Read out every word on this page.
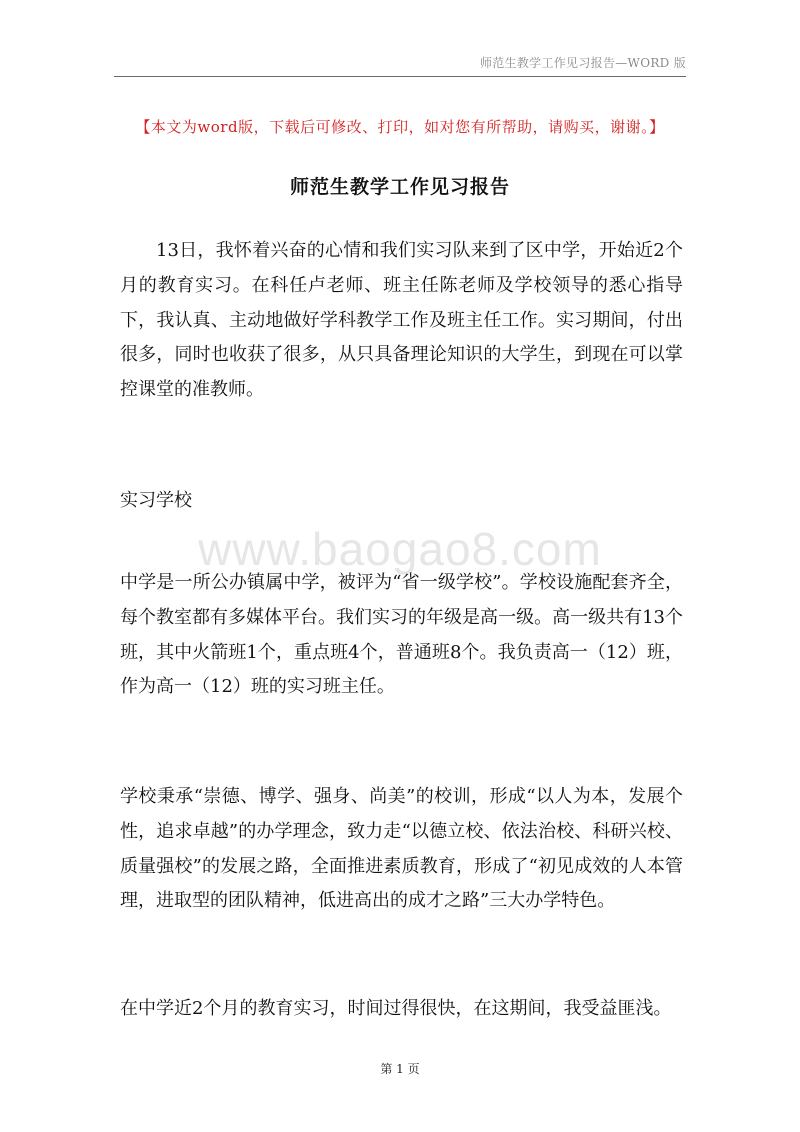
师范生教学工作见习报告—WORD 版
【本文为word版，下载后可修改、打印，如对您有所帮助，请购买，谢谢。】
师范生教学工作见习报告

13日，我怀着兴奋的心情和我们实习队来到了区中学，开始近2个月的教育实习。在科任卢老师、班主任陈老师及学校领导的悉心指导下，我认真、主动地做好学科教学工作及班主任工作。实习期间，付出很多，同时也收获了很多，从只具备理论知识的大学生，到现在可以掌控课堂的准教师。

实习学校

www.baogao8.com

中学是一所公办镇属中学，被评为“省一级学校”。学校设施配套齐全，每个教室都有多媒体平台。我们实习的年级是高一级。高一级共有13个班，其中火箭班1个，重点班4个，普通班8个。我负责高一（12）班，作为高一（12）班的实习班主任。

学校秉承“崇德、博学、强身、尚美”的校训，形成“以人为本，发展个性，追求卓越”的办学理念，致力走“以德立校、依法治校、科研兴校、质量强校”的发展之路，全面推进素质教育，形成了“初见成效的人本管理，进取型的团队精神，低进高出的成才之路”三大办学特色。

在中学近2个月的教育实习，时间过得很快，在这期间，我受益匪浅。

第 1 页
